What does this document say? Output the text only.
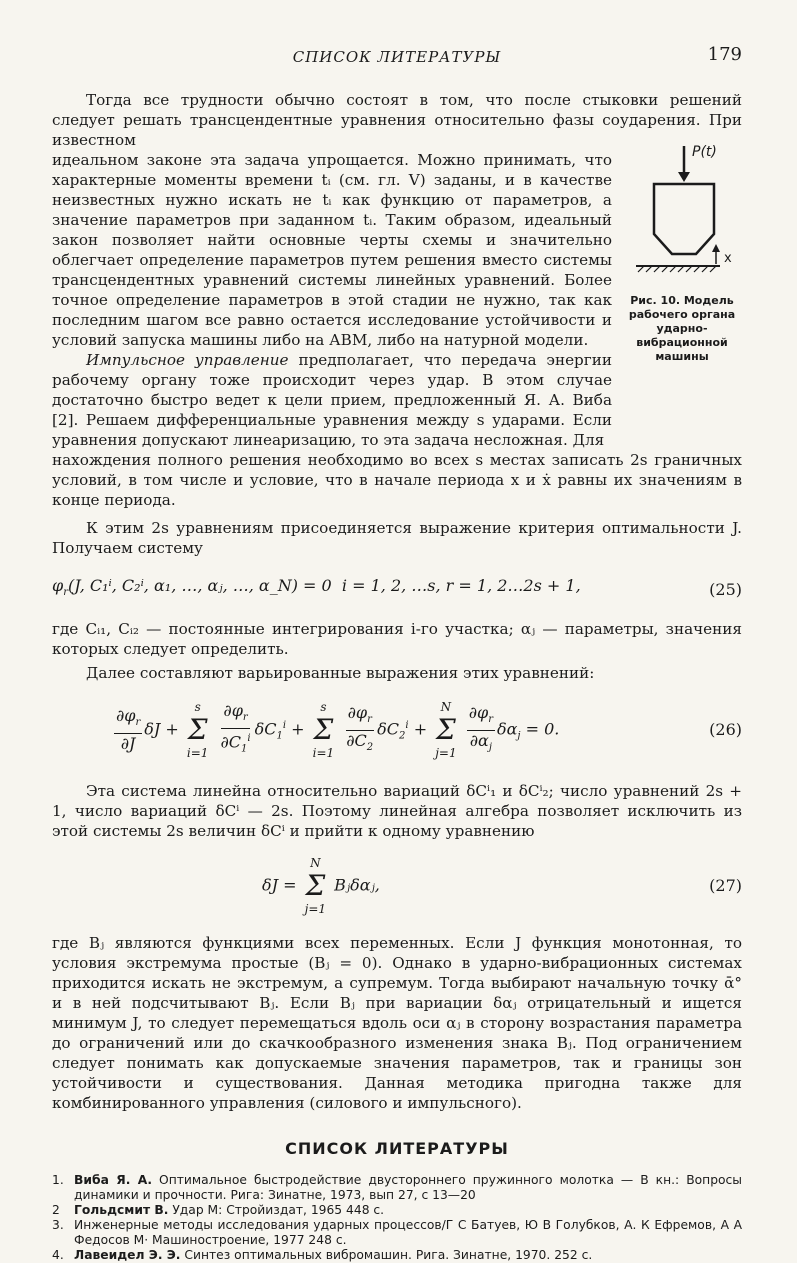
СПИСОК ЛИТЕРАТУРЫ	179
P(t)
x
Рис. 10. Модель рабочего органа ударно-вибрационной машины

Тогда все трудности обычно состоят в том, что после стыковки решений следует решать трансцендентные уравнения относительно фазы соударения. При известном

идеальном законе эта задача упрощается. Можно принимать, что характерные моменты времени tᵢ (см. гл. V) заданы, и в качестве неизвестных нужно искать не tᵢ как функцию от параметров, а значение параметров при заданном tᵢ. Таким образом, идеальный закон позволяет найти основные черты схемы и значительно облегчает определение параметров путем решения вместо системы трансцендентных уравнений системы линейных уравнений. Более точное определение параметров в этой стадии не нужно, так как последним шагом все равно остается исследование устойчивости и условий запуска машины либо на АВМ, либо на натурной модели.

Импульсное управление предполагает, что передача энергии рабочему органу тоже происходит через удар. В этом случае достаточно быстро ведет к цели прием, предложенный Я. А. Виба [2]. Решаем дифференциальные уравнения между s ударами. Если уравнения допускают линеаризацию, то эта задача несложная. Для

нахождения полного решения необходимо во всех s местах записать 2s граничных условий, в том числе и условие, что в начале периода x и ẋ равны их значениям в конце периода.

К этим 2s уравнениям присоединяется выражение критерия оптимальности J. Получаем систему

$\varphi_r(J$, C₁ⁱ, C₂ⁱ, α₁, …, αⱼ, …, α_N) = 0 i = 1, 2, …s, r = 1, 2…2s + 1,	(25)

где Cᵢ₁, Cᵢ₂ — постоянные интегрирования i-го участка; αⱼ — параметры, значения которых следует определить.

Далее составляют варьированные выражения этих уравнений:

$\frac{\partial\varphi_r}{\partial J}$ δJ +
s
Σ
i=1
$\frac{\partial\varphi_r}{\partial C_1^i} \delta C_1^i$ +
s
Σ
i=1
$\frac{\partial\varphi_r}{\partial C_2} \delta C_2^i$ +
N
Σ
j=1
$\frac{\partial\varphi_r}{\partial\alpha_j} \delta\alpha_j = 0$.	(26)

Эта система линейна относительно вариаций δCⁱ₁ и δCⁱ₂; число уравнений 2s + 1, число вариаций δCⁱ — 2s. Поэтому линейная алгебра позволяет исключить из этой системы 2s величин δCⁱ и прийти к одному уравнению

δJ =
N
Σ
j=1
Bⱼδαⱼ,	(27)

где Bⱼ являются функциями всех переменных. Если J функция монотонная, то условия экстремума простые (Bⱼ = 0). Однако в ударно-вибрационных системах приходится искать не экстремум, а супремум. Тогда выбирают начальную точку ᾱ° и в ней подсчитывают Bⱼ. Если Bⱼ при вариации δαⱼ отрицательный и ищется минимум J, то следует перемещаться вдоль оси αⱼ в сторону возрастания параметра до ограничений или до скачкообразного изменения знака Bⱼ. Под ограничением следует понимать как допускаемые значения параметров, так и границы зон устойчивости и существования. Данная методика пригодна также для комбинированного управления (силового и импульсного).

СПИСОК ЛИТЕРАТУРЫ
1. Виба Я. А. Оптимальное быстродействие двустороннего пружинного молотка — В кн.: Вопросы динамики и прочности. Рига: Зинатне, 1973, вып 27, с 13—20
2	Гольдсмит В. Удар М: Стройиздат, 1965 448 с.
3. Инженерные методы исследования ударных процессов/Г С Батуев, Ю В Голубков, А. К Ефремов, А А Федосов М· Машиностроение, 1977 248 с.
4. Лавеидел Э. Э. Синтез оптимальных вибромашин. Рига. Зинатне, 1970. 252 с.
